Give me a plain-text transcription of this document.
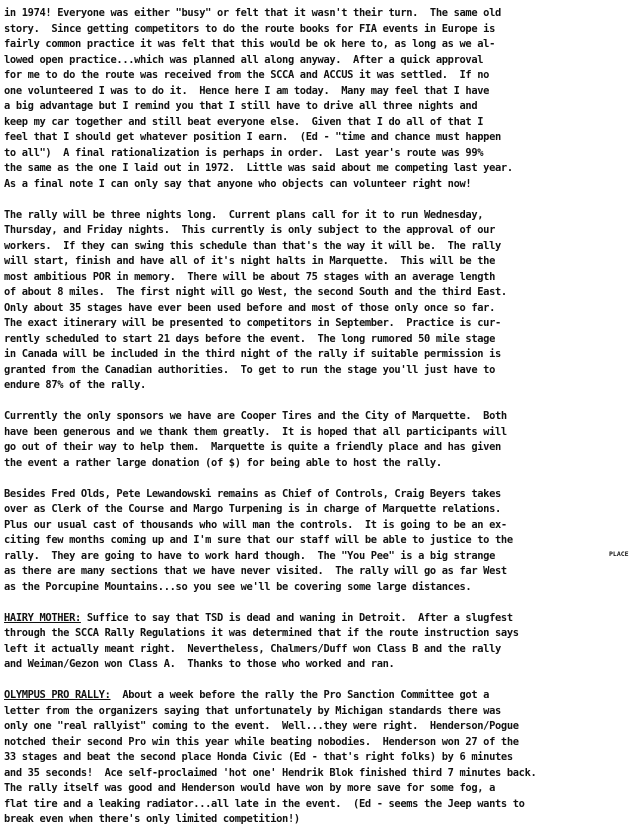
in 1974! Everyone was either "busy" or felt that it wasn't their turn.  The same old
story.  Since getting competitors to do the route books for FIA events in Europe is
fairly common practice it was felt that this would be ok here to, as long as we al-
lowed open practice...which was planned all along anyway.  After a quick approval
for me to do the route was received from the SCCA and ACCUS it was settled.  If no
one volunteered I was to do it.  Hence here I am today.  Many may feel that I have
a big advantage but I remind you that I still have to drive all three nights and
keep my car together and still beat everyone else.  Given that I do all of that I
feel that I should get whatever position I earn.  (Ed - "time and chance must happen
to all")  A final rationalization is perhaps in order.  Last year's route was 99%
the same as the one I laid out in 1972.  Little was said about me competing last year.
As a final note I can only say that anyone who objects can volunteer right now!
The rally will be three nights long.  Current plans call for it to run Wednesday,
Thursday, and Friday nights.  This currently is only subject to the approval of our
workers.  If they can swing this schedule than that's the way it will be.  The rally
will start, finish and have all of it's night halts in Marquette.  This will be the
most ambitious POR in memory.  There will be about 75 stages with an average length
of about 8 miles.  The first night will go West, the second South and the third East.
Only about 35 stages have ever been used before and most of those only once so far.
The exact itinerary will be presented to competitors in September.  Practice is cur-
rently scheduled to start 21 days before the event.  The long rumored 50 mile stage
in Canada will be included in the third night of the rally if suitable permission is
granted from the Canadian authorities.  To get to run the stage you'll just have to
endure 87% of the rally.
Currently the only sponsors we have are Cooper Tires and the City of Marquette.  Both
have been generous and we thank them greatly.  It is hoped that all participants will
go out of their way to help them.  Marquette is quite a friendly place and has given
the event a rather large donation (of $) for being able to host the rally.
Besides Fred Olds, Pete Lewandowski remains as Chief of Controls, Craig Beyers takes
over as Clerk of the Course and Margo Turpening is in charge of Marquette relations.
Plus our usual cast of thousands who will man the controls.  It is going to be an ex-
citing few months coming up and I'm sure that our staff will be able to justice to the
rally.  They are going to have to work hard though.  The "You Pee" is a big strange
as there are many sections that we have never visited.  The rally will go as far West
as the Porcupine Mountains...so you see we'll be covering some large distances.
PLACE
HAIRY MOTHER: Suffice to say that TSD is dead and waning in Detroit.  After a slugfest
through the SCCA Rally Regulations it was determined that if the route instruction says
left it actually meant right.  Nevertheless, Chalmers/Duff won Class B and the rally
and Weiman/Gezon won Class A.  Thanks to those who worked and ran.
OLYMPUS PRO RALLY:  About a week before the rally the Pro Sanction Committee got a
letter from the organizers saying that unfortunately by Michigan standards there was
only one "real rallyist" coming to the event.  Well...they were right.  Henderson/Pogue
notched their second Pro win this year while beating nobodies.  Henderson won 27 of the
33 stages and beat the second place Honda Civic (Ed - that's right folks) by 6 minutes
and 35 seconds!  Ace self-proclaimed 'hot one' Hendrik Blok finished third 7 minutes back.
The rally itself was good and Henderson would have won by more save for some fog, a
flat tire and a leaking radiator...all late in the event.  (Ed - seems the Jeep wants to
break even when there's only limited competition!)
